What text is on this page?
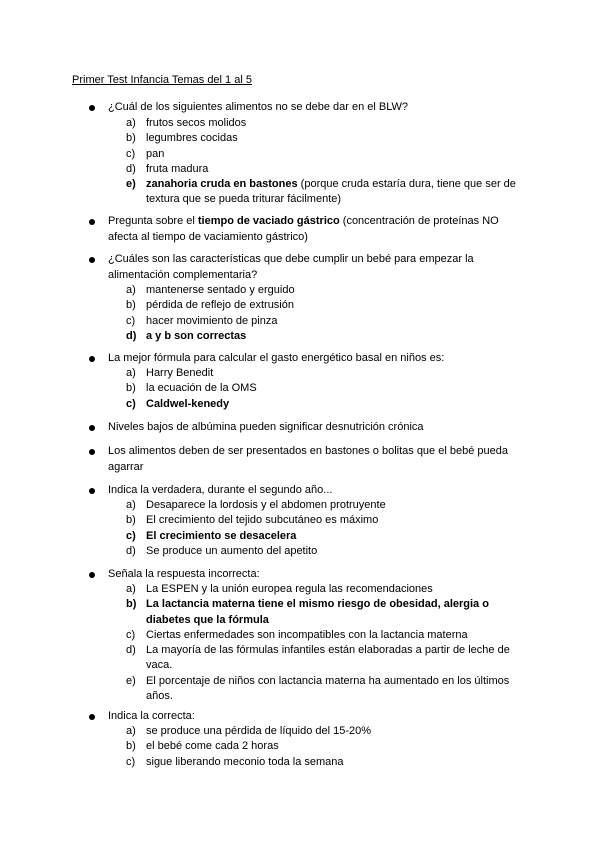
Primer Test Infancia Temas del 1 al 5
¿Cuál de los siguientes alimentos no se debe dar en el BLW?
a) frutos secos molidos
b) legumbres cocidas
c) pan
d) fruta madura
e) zanahoria cruda en bastones (porque cruda estaría dura, tiene que ser de textura que se pueda triturar fácilmente)
Pregunta sobre el tiempo de vaciado gástrico (concentración de proteínas NO afecta al tiempo de vaciamiento gástrico)
¿Cuáles son las características que debe cumplir un bebé para empezar la alimentación complementaria?
a) mantenerse sentado y erguido
b) pérdida de reflejo de extrusión
c) hacer movimiento de pinza
d) a y b son correctas
La mejor fórmula para calcular el gasto energético basal en niños es:
a) Harry Benedit
b) la ecuación de la OMS
c) Caldwel-kenedy
Niveles bajos de albúmina pueden significar desnutrición crónica
Los alimentos deben de ser presentados en bastones o bolitas que el bebé pueda agarrar
Indica la verdadera, durante el segundo año...
a) Desaparece la lordosis y el abdomen protruyente
b) El crecimiento del tejido subcutáneo es máximo
c) El crecimiento se desacelera
d) Se produce un aumento del apetito
Señala la respuesta incorrecta:
a) La ESPEN y la unión europea regula las recomendaciones
b) La lactancia materna tiene el mismo riesgo de obesidad, alergia o diabetes que la fórmula
c) Ciertas enfermedades son incompatibles con la lactancia materna
d) La mayoría de las fórmulas infantiles están elaboradas a partir de leche de vaca.
e) El porcentaje de niños con lactancia materna ha aumentado en los últimos años.
Indica la correcta:
a) se produce una pérdida de líquido del 15-20%
b) el bebé come cada 2 horas
c) sigue liberando meconio toda la semana
